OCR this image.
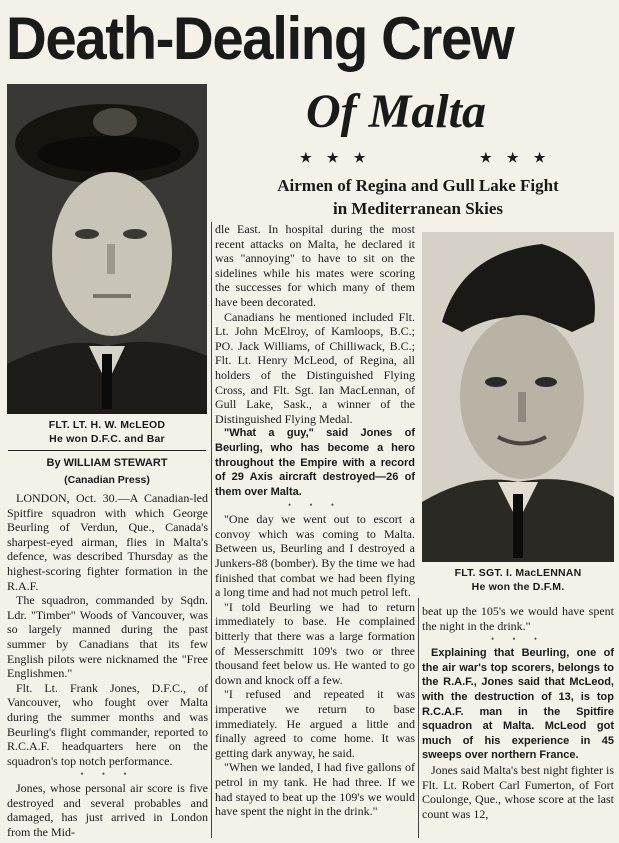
Death-Dealing Crew
Of Malta
★ ★ ★	★ ★ ★
Airmen of Regina and Gull Lake Fight
in Mediterranean Skies
FLT. LT. H. W. McLEOD
He won D.F.C. and Bar
FLT. SGT. I. MacLENNAN
He won the D.F.M.
By WILLIAM STEWART
(Canadian Press)

LONDON, Oct. 30.—A Canadian-led Spitfire squadron with which George Beurling of Verdun, Que., Canada's sharpest-eyed airman, flies in Malta's defence, was described Thursday as the highest-scoring fighter formation in the R.A.F.

The squadron, commanded by Sqdn. Ldr. "Timber" Woods of Vancouver, was so largely manned during the past summer by Canadians that its few English pilots were nicknamed the "Free Englishmen."

Flt. Lt. Frank Jones, D.F.C., of Vancouver, who fought over Malta during the summer months and was Beurling's flight commander, reported to R.C.A.F. headquarters here on the squadron's top notch performance.

• • •

Jones, whose personal air score is five destroyed and several probables and damaged, has just arrived in London from the Mid-

dle East. In hospital during the most recent attacks on Malta, he declared it was "annoying" to have to sit on the sidelines while his mates were scoring the successes for which many of them have been decorated.

Canadians he mentioned included Flt. Lt. John McElroy, of Kamloops, B.C.; PO. Jack Williams, of Chilliwack, B.C.; Flt. Lt. Henry McLeod, of Regina, all holders of the Distinguished Flying Cross, and Flt. Sgt. Ian MacLennan, of Gull Lake, Sask., a winner of the Distinguished Flying Medal.

"What a guy," said Jones of Beurling, who has become a hero throughout the Empire with a record of 29 Axis aircraft destroyed—26 of them over Malta.

• • •

"One day we went out to escort a convoy which was coming to Malta. Between us, Beurling and I destroyed a Junkers-88 (bomber). By the time we had finished that combat we had been flying a long time and had not much petrol left.

"I told Beurling we had to return immediately to base. He complained bitterly that there was a large formation of Messerschmitt 109's two or three thousand feet below us. He wanted to go down and knock off a few.

"I refused and repeated it was imperative we return to base immediately. He argued a little and finally agreed to come home. It was getting dark anyway, he said.

"When we landed, I had five gallons of petrol in my tank. He had three. If we had stayed to beat up the 109's we would have spent the night in the drink."

beat up the 105's we would have spent the night in the drink."

• • •

Explaining that Beurling, one of the air war's top scorers, belongs to the R.A.F., Jones said that McLeod, with the destruction of 13, is top R.C.A.F. man in the Spitfire squadron at Malta. McLeod got much of his experience in 45 sweeps over northern France.

Jones said Malta's best night fighter is Flt. Lt. Robert Carl Fumerton, of Fort Coulonge, Que., whose score at the last count was 12,
